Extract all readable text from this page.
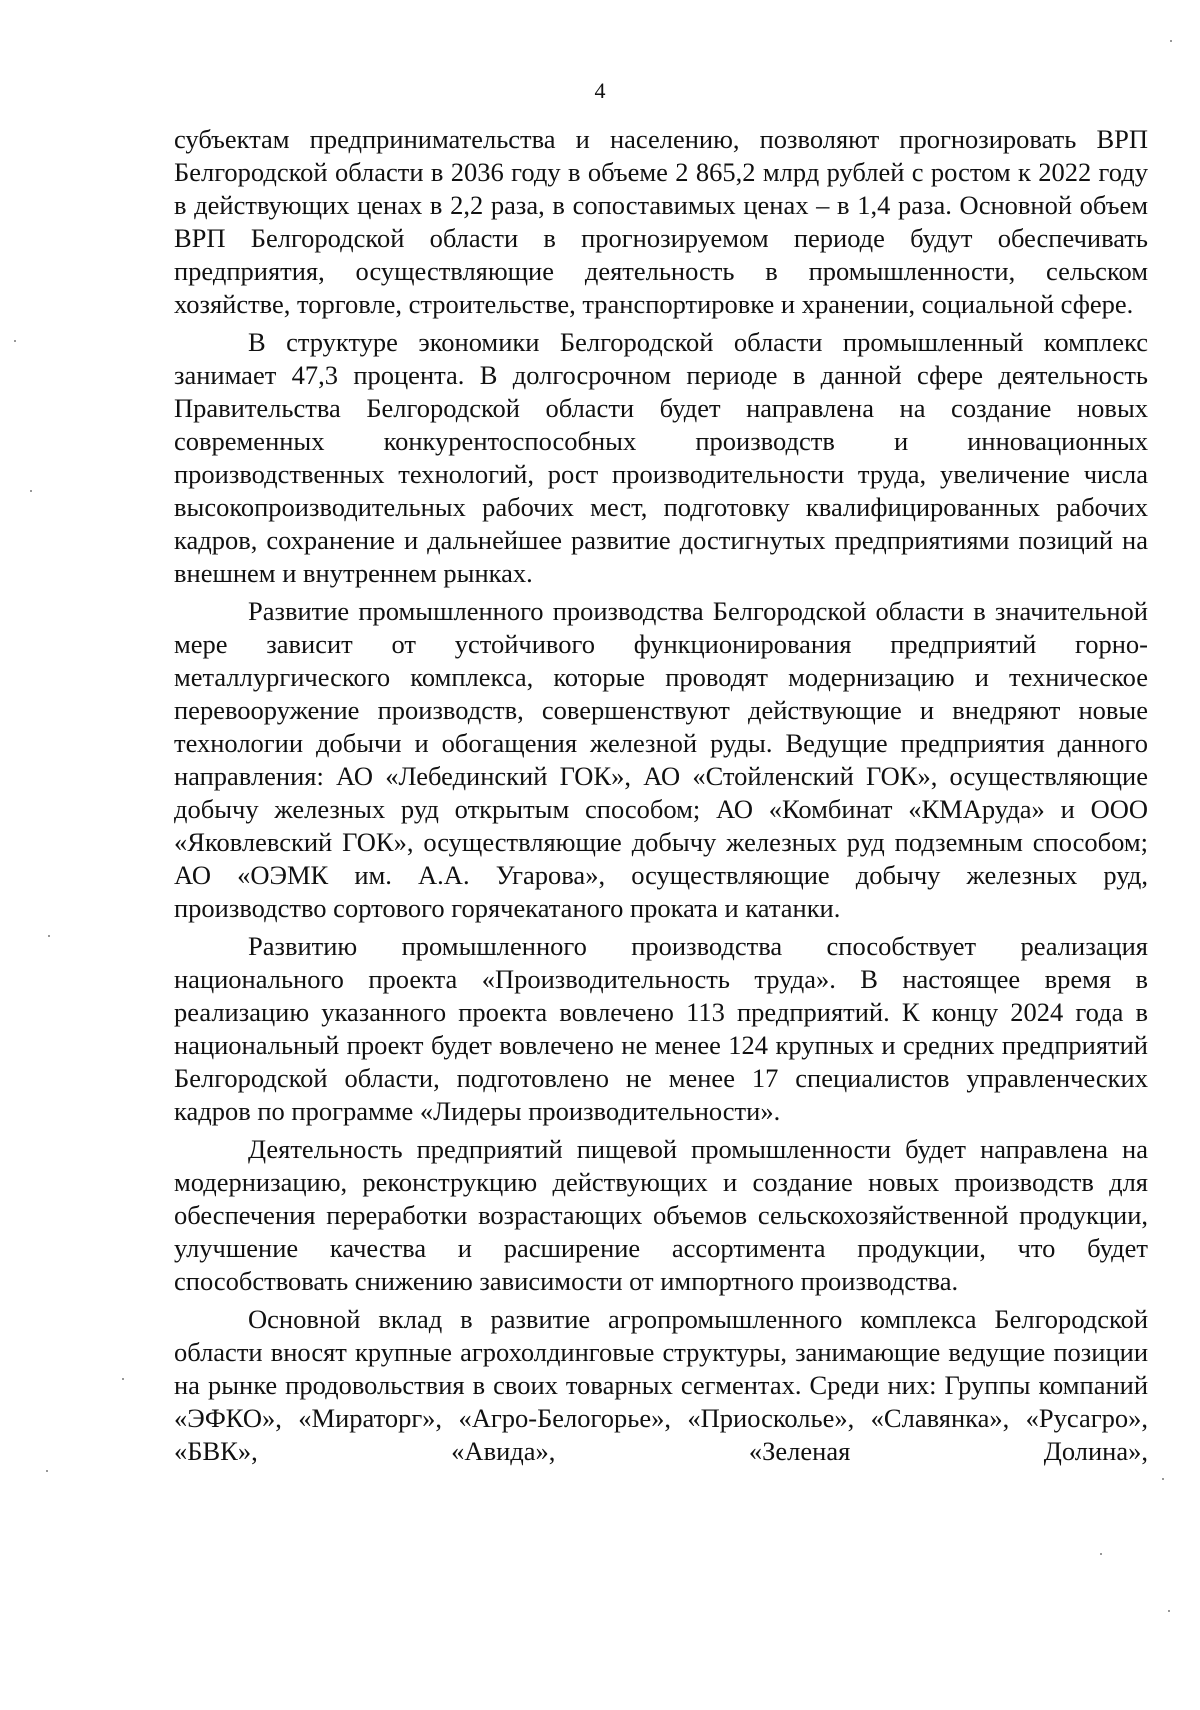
4

субъектам предпринимательства и населению, позволяют прогнозировать ВРП Белгородской области в 2036 году в объеме 2 865,2 млрд рублей с ростом к 2022 году в действующих ценах в 2,2 раза, в сопоставимых ценах – в 1,4 раза. Основной объем ВРП Белгородской области в прогнозируемом периоде будут обеспечивать предприятия, осуществляющие деятельность в промышленности, сельском хозяйстве, торговле, строительстве, транспортировке и хранении, социальной сфере.

В структуре экономики Белгородской области промышленный комплекс занимает 47,3 процента. В долгосрочном периоде в данной сфере деятельность Правительства Белгородской области будет направлена на создание новых современных конкурентоспособных производств и инновационных производственных технологий, рост производительности труда, увеличение числа высокопроизводительных рабочих мест, подготовку квалифицированных рабочих кадров, сохранение и дальнейшее развитие достигнутых предприятиями позиций на внешнем и внутреннем рынках.

Развитие промышленного производства Белгородской области в значительной мере зависит от устойчивого функционирования предприятий горно-металлургического комплекса, которые проводят модернизацию и техническое перевооружение производств, совершенствуют действующие и внедряют новые технологии добычи и обогащения железной руды. Ведущие предприятия данного направления: АО «Лебединский ГОК», АО «Стойленский ГОК», осуществляющие добычу железных руд открытым способом; АО «Комбинат «КМАруда» и ООО «Яковлевский ГОК», осуществляющие добычу железных руд подземным способом; АО «ОЭМК им. А.А. Угарова», осуществляющие добычу железных руд, производство сортового горячекатаного проката и катанки.

Развитию промышленного производства способствует реализация национального проекта «Производительность труда». В настоящее время в реализацию указанного проекта вовлечено 113 предприятий. К концу 2024 года в национальный проект будет вовлечено не менее 124 крупных и средних предприятий Белгородской области, подготовлено не менее 17 специалистов управленческих кадров по программе «Лидеры производительности».

Деятельность предприятий пищевой промышленности будет направлена на модернизацию, реконструкцию действующих и создание новых производств для обеспечения переработки возрастающих объемов сельскохозяйственной продукции, улучшение качества и расширение ассортимента продукции, что будет способствовать снижению зависимости от импортного производства.

Основной вклад в развитие агропромышленного комплекса Белгородской области вносят крупные агрохолдинговые структуры, занимающие ведущие позиции на рынке продовольствия в своих товарных сегментах. Среди них: Группы компаний «ЭФКО», «Мираторг», «Агро-Белогорье», «Приосколье», «Славянка», «Русагро», «БВК», «Авида», «Зеленая Долина»,
